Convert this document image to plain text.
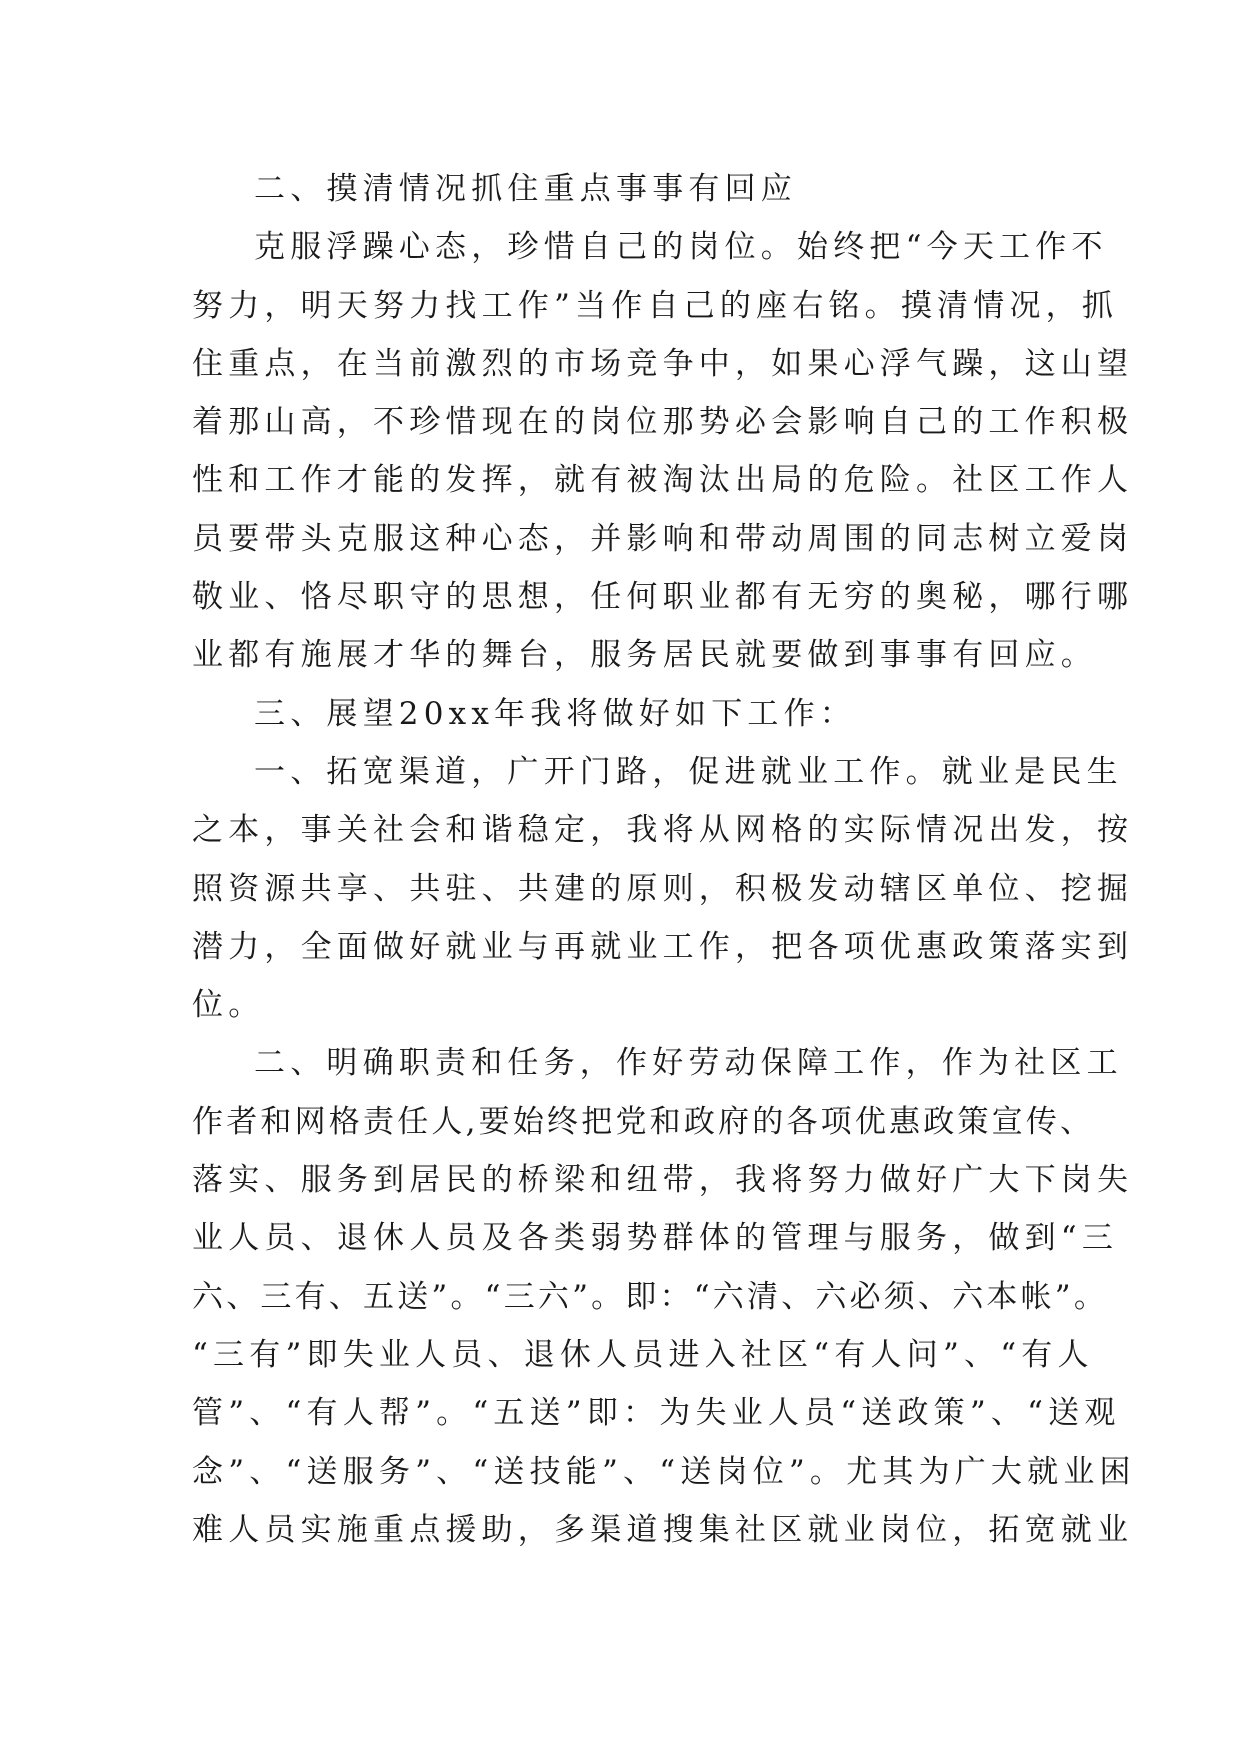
二、摸清情况抓住重点事事有回应
克服浮躁心态，珍惜自己的岗位。始终把“今天工作不
努力，明天努力找工作”当作自己的座右铭。摸清情况，抓
住重点，在当前激烈的市场竞争中，如果心浮气躁，这山望
着那山高，不珍惜现在的岗位那势必会影响自己的工作积极
性和工作才能的发挥，就有被淘汰出局的危险。社区工作人
员要带头克服这种心态，并影响和带动周围的同志树立爱岗
敬业、恪尽职守的思想，任何职业都有无穷的奥秘，哪行哪
业都有施展才华的舞台，服务居民就要做到事事有回应。
三、展望20xx年我将做好如下工作：
一、拓宽渠道，广开门路，促进就业工作。就业是民生
之本，事关社会和谐稳定，我将从网格的实际情况出发，按
照资源共享、共驻、共建的原则，积极发动辖区单位、挖掘
潜力，全面做好就业与再就业工作，把各项优惠政策落实到
位。
二、明确职责和任务，作好劳动保障工作，作为社区工
作者和网格责任人,要始终把党和政府的各项优惠政策宣传、
落实、服务到居民的桥梁和纽带，我将努力做好广大下岗失
业人员、退休人员及各类弱势群体的管理与服务，做到“三
六、三有、五送”。“三六”。即：“六清、六必须、六本帐”。
“三有”即失业人员、退休人员进入社区“有人问”、“有人
管”、“有人帮”。“五送”即：为失业人员“送政策”、“送观
念”、“送服务”、“送技能”、“送岗位”。尤其为广大就业困
难人员实施重点援助，多渠道搜集社区就业岗位，拓宽就业
